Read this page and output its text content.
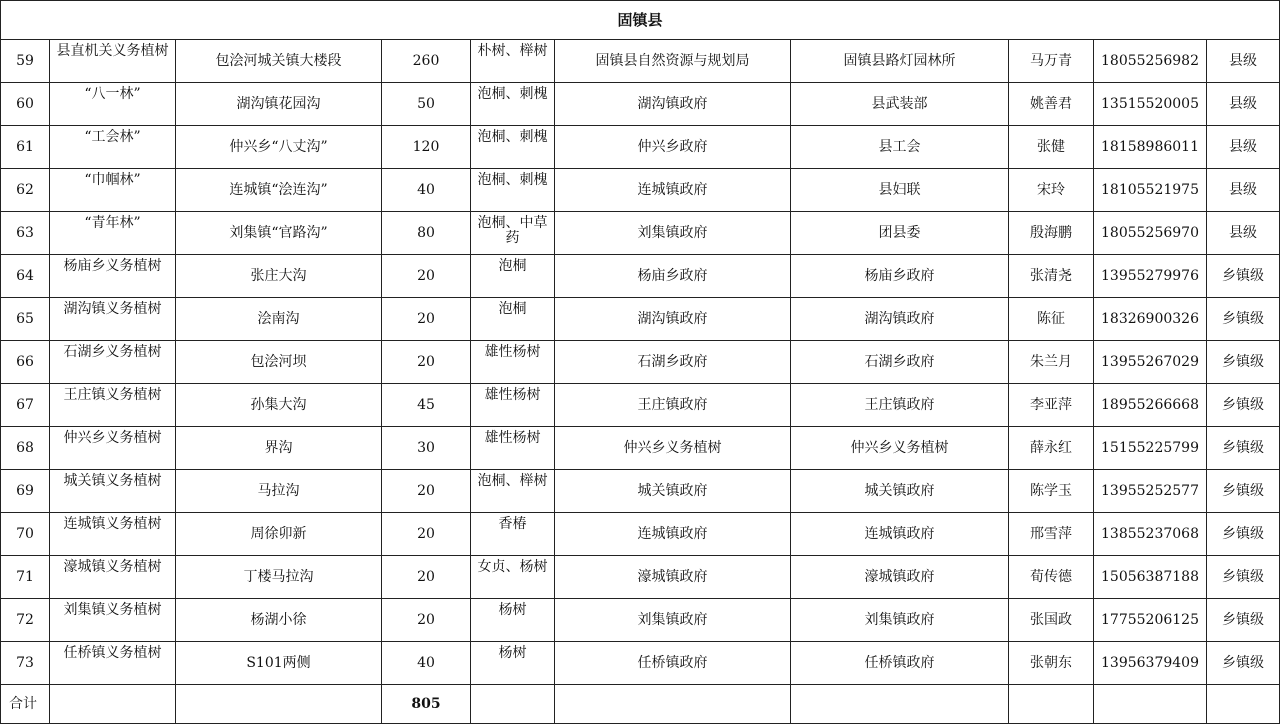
固镇县									
59	县直机关义务植树	包浍河城关镇大楼段	260	朴树、榉树	固镇县自然资源与规划局	固镇县路灯园林所	马万青	18055256982	县级
60	“八一林”	湖沟镇花园沟	50	泡桐、刺槐	湖沟镇政府	县武装部	姚善君	13515520005	县级
61	“工会林”	仲兴乡“八丈沟”	120	泡桐、刺槐	仲兴乡政府	县工会	张健	18158986011	县级
62	“巾帼林”	连城镇“浍连沟”	40	泡桐、刺槐	连城镇政府	县妇联	宋玲	18105521975	县级
63	“青年林”	刘集镇“官路沟”	80	泡桐、中草药	刘集镇政府	团县委	殷海鹏	18055256970	县级
64	杨庙乡义务植树	张庄大沟	20	泡桐	杨庙乡政府	杨庙乡政府	张清尧	13955279976	乡镇级
65	湖沟镇义务植树	浍南沟	20	泡桐	湖沟镇政府	湖沟镇政府	陈征	18326900326	乡镇级
66	石湖乡义务植树	包浍河坝	20	雄性杨树	石湖乡政府	石湖乡政府	朱兰月	13955267029	乡镇级
67	王庄镇义务植树	孙集大沟	45	雄性杨树	王庄镇政府	王庄镇政府	李亚萍	18955266668	乡镇级
68	仲兴乡义务植树	界沟	30	雄性杨树	仲兴乡义务植树	仲兴乡义务植树	薛永红	15155225799	乡镇级
69	城关镇义务植树	马拉沟	20	泡桐、榉树	城关镇政府	城关镇政府	陈学玉	13955252577	乡镇级
70	连城镇义务植树	周徐卯新	20	香椿	连城镇政府	连城镇政府	邢雪萍	13855237068	乡镇级
71	濠城镇义务植树	丁楼马拉沟	20	女贞、杨树	濠城镇政府	濠城镇政府	荀传德	15056387188	乡镇级
72	刘集镇义务植树	杨湖小徐	20	杨树	刘集镇政府	刘集镇政府	张国政	17755206125	乡镇级
73	任桥镇义务植树	S101两侧	40	杨树	任桥镇政府	任桥镇政府	张朝东	13956379409	乡镇级
合计			805						
